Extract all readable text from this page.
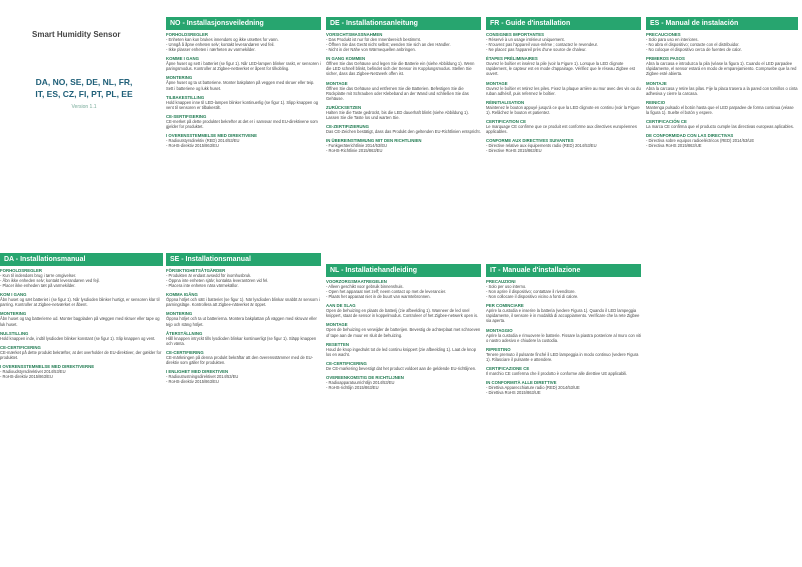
Smart Humidity Sensor
DA, NO, SE, DE, NL, FR,
IT, ES, CZ, FI, PT, PL, EE
Version 1.1
DA - Installationsmanual
FORHOLDSREGLER
- Kun til indendørs brug i tørre omgivelser.
- Åbn ikke enheden selv; kontakt leverandøren ved fejl.
- Placer ikke enheden tæt på varmekilder.
KOM I GANG
Åbn huset og sæt batteriet i (se figur 1). Når lysdioden blinker hurtigt, er sensoren klar til parring. Kontroller at Zigbee-netværket er åbent.
MONTERING
Åbn huset og tag batterierne ud. Monter bagpladen på væggen med skruer eller tape og luk huset.
NULSTILLING
Hold knappen inde, indtil lysdioden blinker konstant (se figur 1). Slip knappen og vent.
CE-CERTIFICERING
CE-mærket på dette produkt bekræfter, at det overholder de EU-direktiver, der gælder for produktet.
I OVERENSSTEMMELSE MED DIREKTIVERNE
- Radioudstyrsdirektivet 2014/53/EU
- RoHS-direktiv 2015/863/EU
NO - Installasjonsveiledning
FORHOLDSREGLER
- Enheten kan kun brukes innendørs og ikke utsettes for vann.
- Unngå å åpne enheten selv; kontakt leverandøren ved feil.
- Ikke plasser enheten i nærheten av varmekilder.
KOMME I GANG
Åpne huset og sett i batteriet (se figur 1). Når LED-lampen blinker raskt, er sensoren i paringsmodus. Kontroller at Zigbee-nettverket er åpent for tilkobling.
MONTERING
Åpne huset og ta ut batteriene. Monter bakplaten på veggen med skruer eller teip. Sett i batteriene og lukk huset.
TILBAKESTILLING
Hold knappen inne til LED-lampen blinker kontinuerlig (se figur 1). Slipp knappen og vent til sensoren er tilbakestilt.
CE-SERTIFISERING
CE-merket på dette produktet bekrefter at det er i samsvar med EU-direktivene som gjelder for produktet.
I OVERENSSTEMMELSE MED DIREKTIVENE
- Radioutstyrsdirektiv (RED) 2014/53/EU
- RoHS-direktiv 2015/863/EU
SE - Installationsmanual
FÖRSIKTIGHETSÅTGÄRDER
- Produkten är endast avsedd för inomhusbruk.
- Öppna inte enheten själv; kontakta leverantören vid fel.
- Placera inte enheten nära värmekällor.
KOMMA IGÅNG
Öppna höljet och sätt i batteriet (se figur 1). När lysdioden blinkar snabbt är sensorn i parningsläge. Kontrollera att Zigbee-nätverket är öppet.
MONTERING
Öppna höljet och ta ut batterierna. Montera bakplattan på väggen med skruvar eller tejp och stäng höljet.
ÅTERSTÄLLNING
Håll knappen intryckt tills lysdioden blinkar kontinuerligt (se figur 1). Släpp knappen och vänta.
CE-CERTIFIERING
CE-märkningen på denna produkt bekräftar att den överensstämmer med de EU-direktiv som gäller för produkten.
I ENLIGHET MED DIREKTIVEN
- Radioutrustningsdirektivet 2014/53/EU
- RoHS-direktiv 2015/863/EU
DE - Installationsanleitung
VORSICHTSMASSNAHMEN
- Das Produkt ist nur für den Innenbereich bestimmt.
- Öffnen Sie das Gerät nicht selbst; wenden Sie sich an den Händler.
- Nicht in der Nähe von Wärmequellen anbringen.
IN GANG KOMMEN
Öffnen Sie das Gehäuse und legen Sie die Batterie ein (siehe Abbildung 1). Wenn die LED schnell blinkt, befindet sich der Sensor im Kopplungsmodus. Stellen Sie sicher, dass das Zigbee-Netzwerk offen ist.
MONTAGE
Öffnen Sie das Gehäuse und entfernen Sie die Batterien. Befestigen Sie die Rückplatte mit Schrauben oder Klebeband an der Wand und schließen Sie das Gehäuse.
ZURÜCKSETZEN
Halten Sie die Taste gedrückt, bis die LED dauerhaft blinkt (siehe Abbildung 1). Lassen Sie die Taste los und warten Sie.
CE-ZERTIFIZIERUNG
Das CE-Zeichen bestätigt, dass das Produkt den geltenden EU-Richtlinien entspricht.
IN ÜBEREINSTIMMUNG MIT DEN RICHTLINIEN
- Funkgeräterichtlinie 2014/53/EU
- RoHS-Richtlinie 2015/863/EU
NL - Installatiehandleiding
VOORZORGSMAATREGELEN
- Alleen geschikt voor gebruik binnenshuis.
- Open het apparaat niet zelf; neem contact op met de leverancier.
- Plaats het apparaat niet in de buurt van warmtebronnen.
AAN DE SLAG
Open de behuizing en plaats de batterij (zie afbeelding 1). Wanneer de led snel knippert, staat de sensor in koppelmodus. Controleer of het Zigbee-netwerk open is.
MONTAGE
Open de behuizing en verwijder de batterijen. Bevestig de achterplaat met schroeven of tape aan de muur en sluit de behuizing.
RESETTEN
Houd de knop ingedrukt tot de led continu knippert (zie afbeelding 1). Laat de knop los en wacht.
CE-CERTIFICERING
De CE-markering bevestigt dat het product voldoet aan de geldende EU-richtlijnen.
OVEREENKOMSTIG DE RICHTLIJNEN
- Radioapparatuurrichtlijn 2014/53/EU
- RoHS-richtlijn 2015/863/EU
FR - Guide d'installation
CONSIGNES IMPORTANTES
- Réservé à un usage intérieur uniquement.
- N'ouvrez pas l'appareil vous-même ; contactez le revendeur.
- Ne placez pas l'appareil près d'une source de chaleur.
ÉTAPES PRÉLIMINAIRES
Ouvrez le boîtier et insérez la pile (voir la Figure 1). Lorsque la LED clignote rapidement, le capteur est en mode d'appairage. Vérifiez que le réseau Zigbee est ouvert.
MONTAGE
Ouvrez le boîtier et retirez les piles. Fixez la plaque arrière au mur avec des vis ou du ruban adhésif, puis refermez le boîtier.
RÉINITIALISATION
Maintenez le bouton appuyé jusqu'à ce que la LED clignote en continu (voir la Figure 1). Relâchez le bouton et patientez.
CERTIFICATION CE
Le marquage CE confirme que ce produit est conforme aux directives européennes applicables.
CONFORME AUX DIRECTIVES SUIVANTES
- Directive relative aux équipements radio (RED) 2014/53/EU
- Directive RoHS 2015/863/EU
IT - Manuale d'installazione
PRECAUZIONI
- Solo per uso interno.
- Non aprire il dispositivo; contattare il rivenditore.
- Non collocare il dispositivo vicino a fonti di calore.
PER COMINCIARE
Aprire la custodia e inserire la batteria (vedere Figura 1). Quando il LED lampeggia rapidamente, il sensore è in modalità di accoppiamento. Verificare che la rete Zigbee sia aperta.
MONTAGGIO
Aprire la custodia e rimuovere le batterie. Fissare la piastra posteriore al muro con viti o nastro adesivo e chiudere la custodia.
RIPRISTINO
Tenere premuto il pulsante finché il LED lampeggia in modo continuo (vedere Figura 1). Rilasciare il pulsante e attendere.
CERTIFICAZIONE CE
Il marchio CE conferma che il prodotto è conforme alle direttive UE applicabili.
IN CONFORMITÀ ALLE DIRETTIVE
- Direttiva Apparecchiature radio (RED) 2014/53/UE
- Direttiva RoHS 2015/863/UE
ES - Manual de instalación
PRECAUCIONES
- Solo para uso en interiores.
- No abra el dispositivo; contacte con el distribuidor.
- No coloque el dispositivo cerca de fuentes de calor.
PRIMEROS PASOS
Abra la carcasa e introduzca la pila (véase la figura 1). Cuando el LED parpadee rápidamente, el sensor estará en modo de emparejamiento. Compruebe que la red Zigbee esté abierta.
MONTAJE
Abra la carcasa y retire las pilas. Fije la placa trasera a la pared con tornillos o cinta adhesiva y cierre la carcasa.
REINICIO
Mantenga pulsado el botón hasta que el LED parpadee de forma continua (véase la figura 1). Suelte el botón y espere.
CERTIFICACIÓN CE
La marca CE confirma que el producto cumple las directivas europeas aplicables.
DE CONFORMIDAD CON LAS DIRECTIVAS
- Directiva sobre equipos radioeléctricos (RED) 2014/53/UE
- Directiva RoHS 2015/863/UE
